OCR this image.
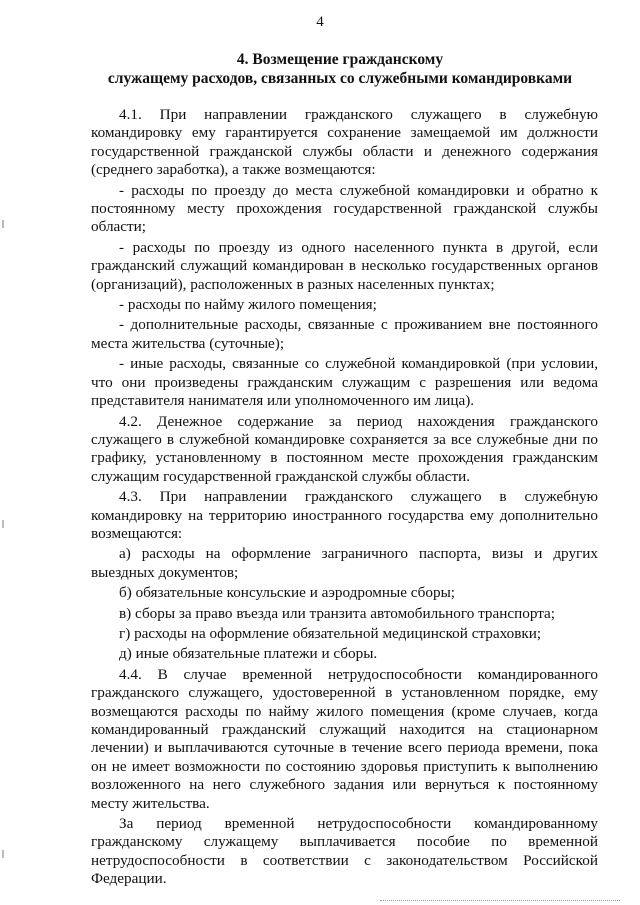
4
4. Возмещение гражданскому
служащему расходов, связанных со служебными командировками

4.1. При направлении гражданского служащего в служебную командировку ему гарантируется сохранение замещаемой им должности государственной гражданской службы области и денежного содержания (среднего заработка), а также возмещаются:

- расходы по проезду до места служебной командировки и обратно к постоянному месту прохождения государственной гражданской службы области;

- расходы по проезду из одного населенного пункта в другой, если гражданский служащий командирован в несколько государственных органов (организаций), расположенных в разных населенных пунктах;

- расходы по найму жилого помещения;

- дополнительные расходы, связанные с проживанием вне постоянного места жительства (суточные);

- иные расходы, связанные со служебной командировкой (при условии, что они произведены гражданским служащим с разрешения или ведома представителя нанимателя или уполномоченного им лица).

4.2. Денежное содержание за период нахождения гражданского служащего в служебной командировке сохраняется за все служебные дни по графику, установленному в постоянном месте прохождения гражданским служащим государственной гражданской службы области.

4.3. При направлении гражданского служащего в служебную командировку на территорию иностранного государства ему дополнительно возмещаются:

а) расходы на оформление заграничного паспорта, визы и других выездных документов;

б) обязательные консульские и аэродромные сборы;

в) сборы за право въезда или транзита автомобильного транспорта;

г) расходы на оформление обязательной медицинской страховки;

д) иные обязательные платежи и сборы.

4.4. В случае временной нетрудоспособности командированного гражданского служащего, удостоверенной в установленном порядке, ему возмещаются расходы по найму жилого помещения (кроме случаев, когда командированный гражданский служащий находится на стационарном лечении) и выплачиваются суточные в течение всего периода времени, пока он не имеет возможности по состоянию здоровья приступить к выполнению возложенного на него служебного задания или вернуться к постоянному месту жительства.

За период временной нетрудоспособности командированному гражданскому служащему выплачивается пособие по временной нетрудоспособности в соответствии с законодательством Российской Федерации.
